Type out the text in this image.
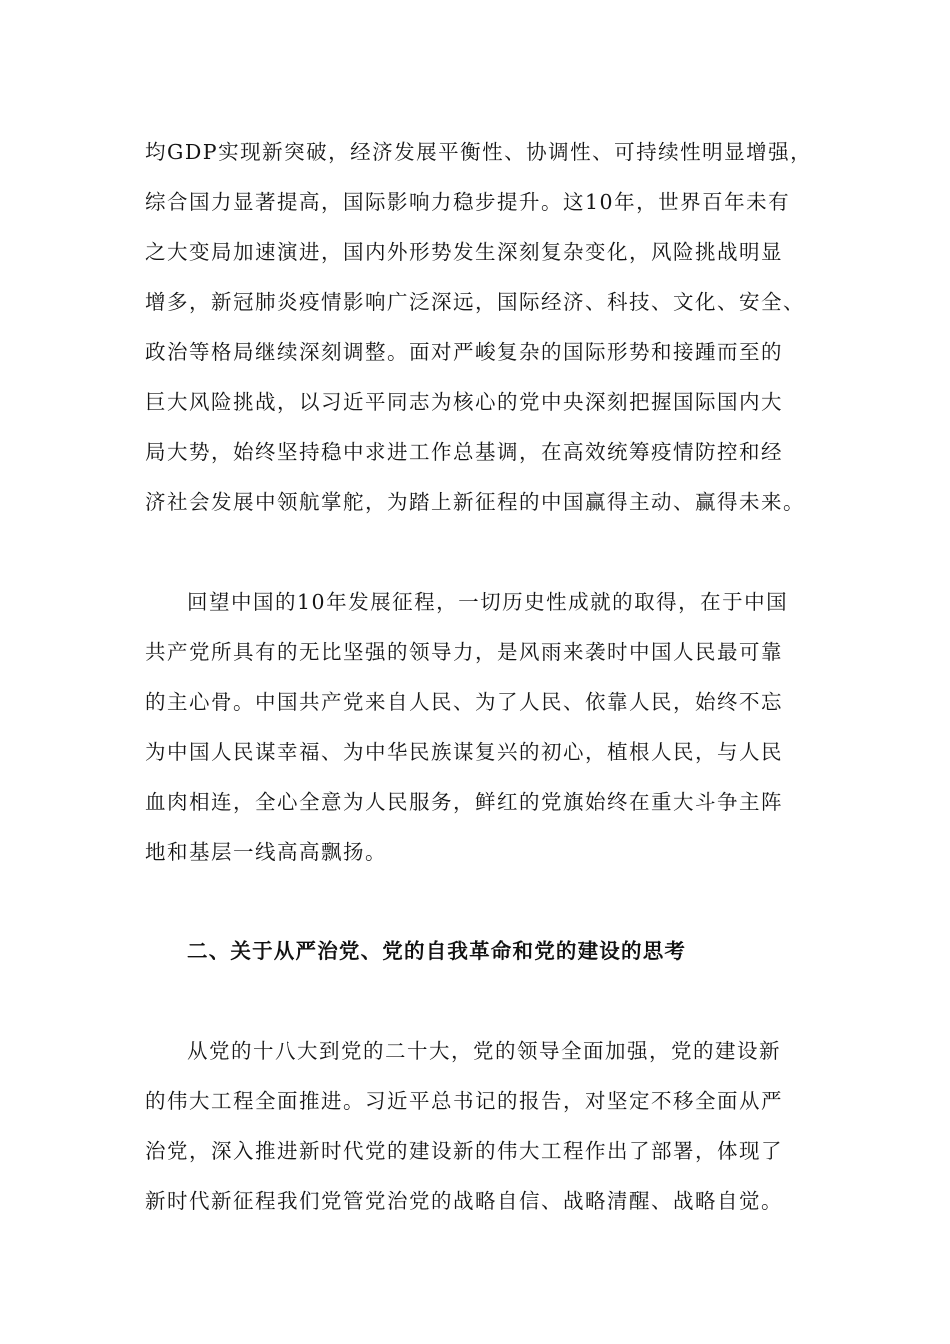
均GDP实现新突破，经济发展平衡性、协调性、可持续性明显增强，
综合国力显著提高，国际影响力稳步提升。这10年，世界百年未有
之大变局加速演进，国内外形势发生深刻复杂变化，风险挑战明显
增多，新冠肺炎疫情影响广泛深远，国际经济、科技、文化、安全、
政治等格局继续深刻调整。面对严峻复杂的国际形势和接踵而至的
巨大风险挑战，以习近平同志为核心的党中央深刻把握国际国内大
局大势，始终坚持稳中求进工作总基调，在高效统筹疫情防控和经
济社会发展中领航掌舵，为踏上新征程的中国赢得主动、赢得未来。
回望中国的10年发展征程，一切历史性成就的取得，在于中国
共产党所具有的无比坚强的领导力，是风雨来袭时中国人民最可靠
的主心骨。中国共产党来自人民、为了人民、依靠人民，始终不忘
为中国人民谋幸福、为中华民族谋复兴的初心，植根人民，与人民
血肉相连，全心全意为人民服务，鲜红的党旗始终在重大斗争主阵
地和基层一线高高飘扬。
二、关于从严治党、党的自我革命和党的建设的思考
从党的十八大到党的二十大，党的领导全面加强，党的建设新
的伟大工程全面推进。习近平总书记的报告，对坚定不移全面从严
治党，深入推进新时代党的建设新的伟大工程作出了部署，体现了
新时代新征程我们党管党治党的战略自信、战略清醒、战略自觉。
